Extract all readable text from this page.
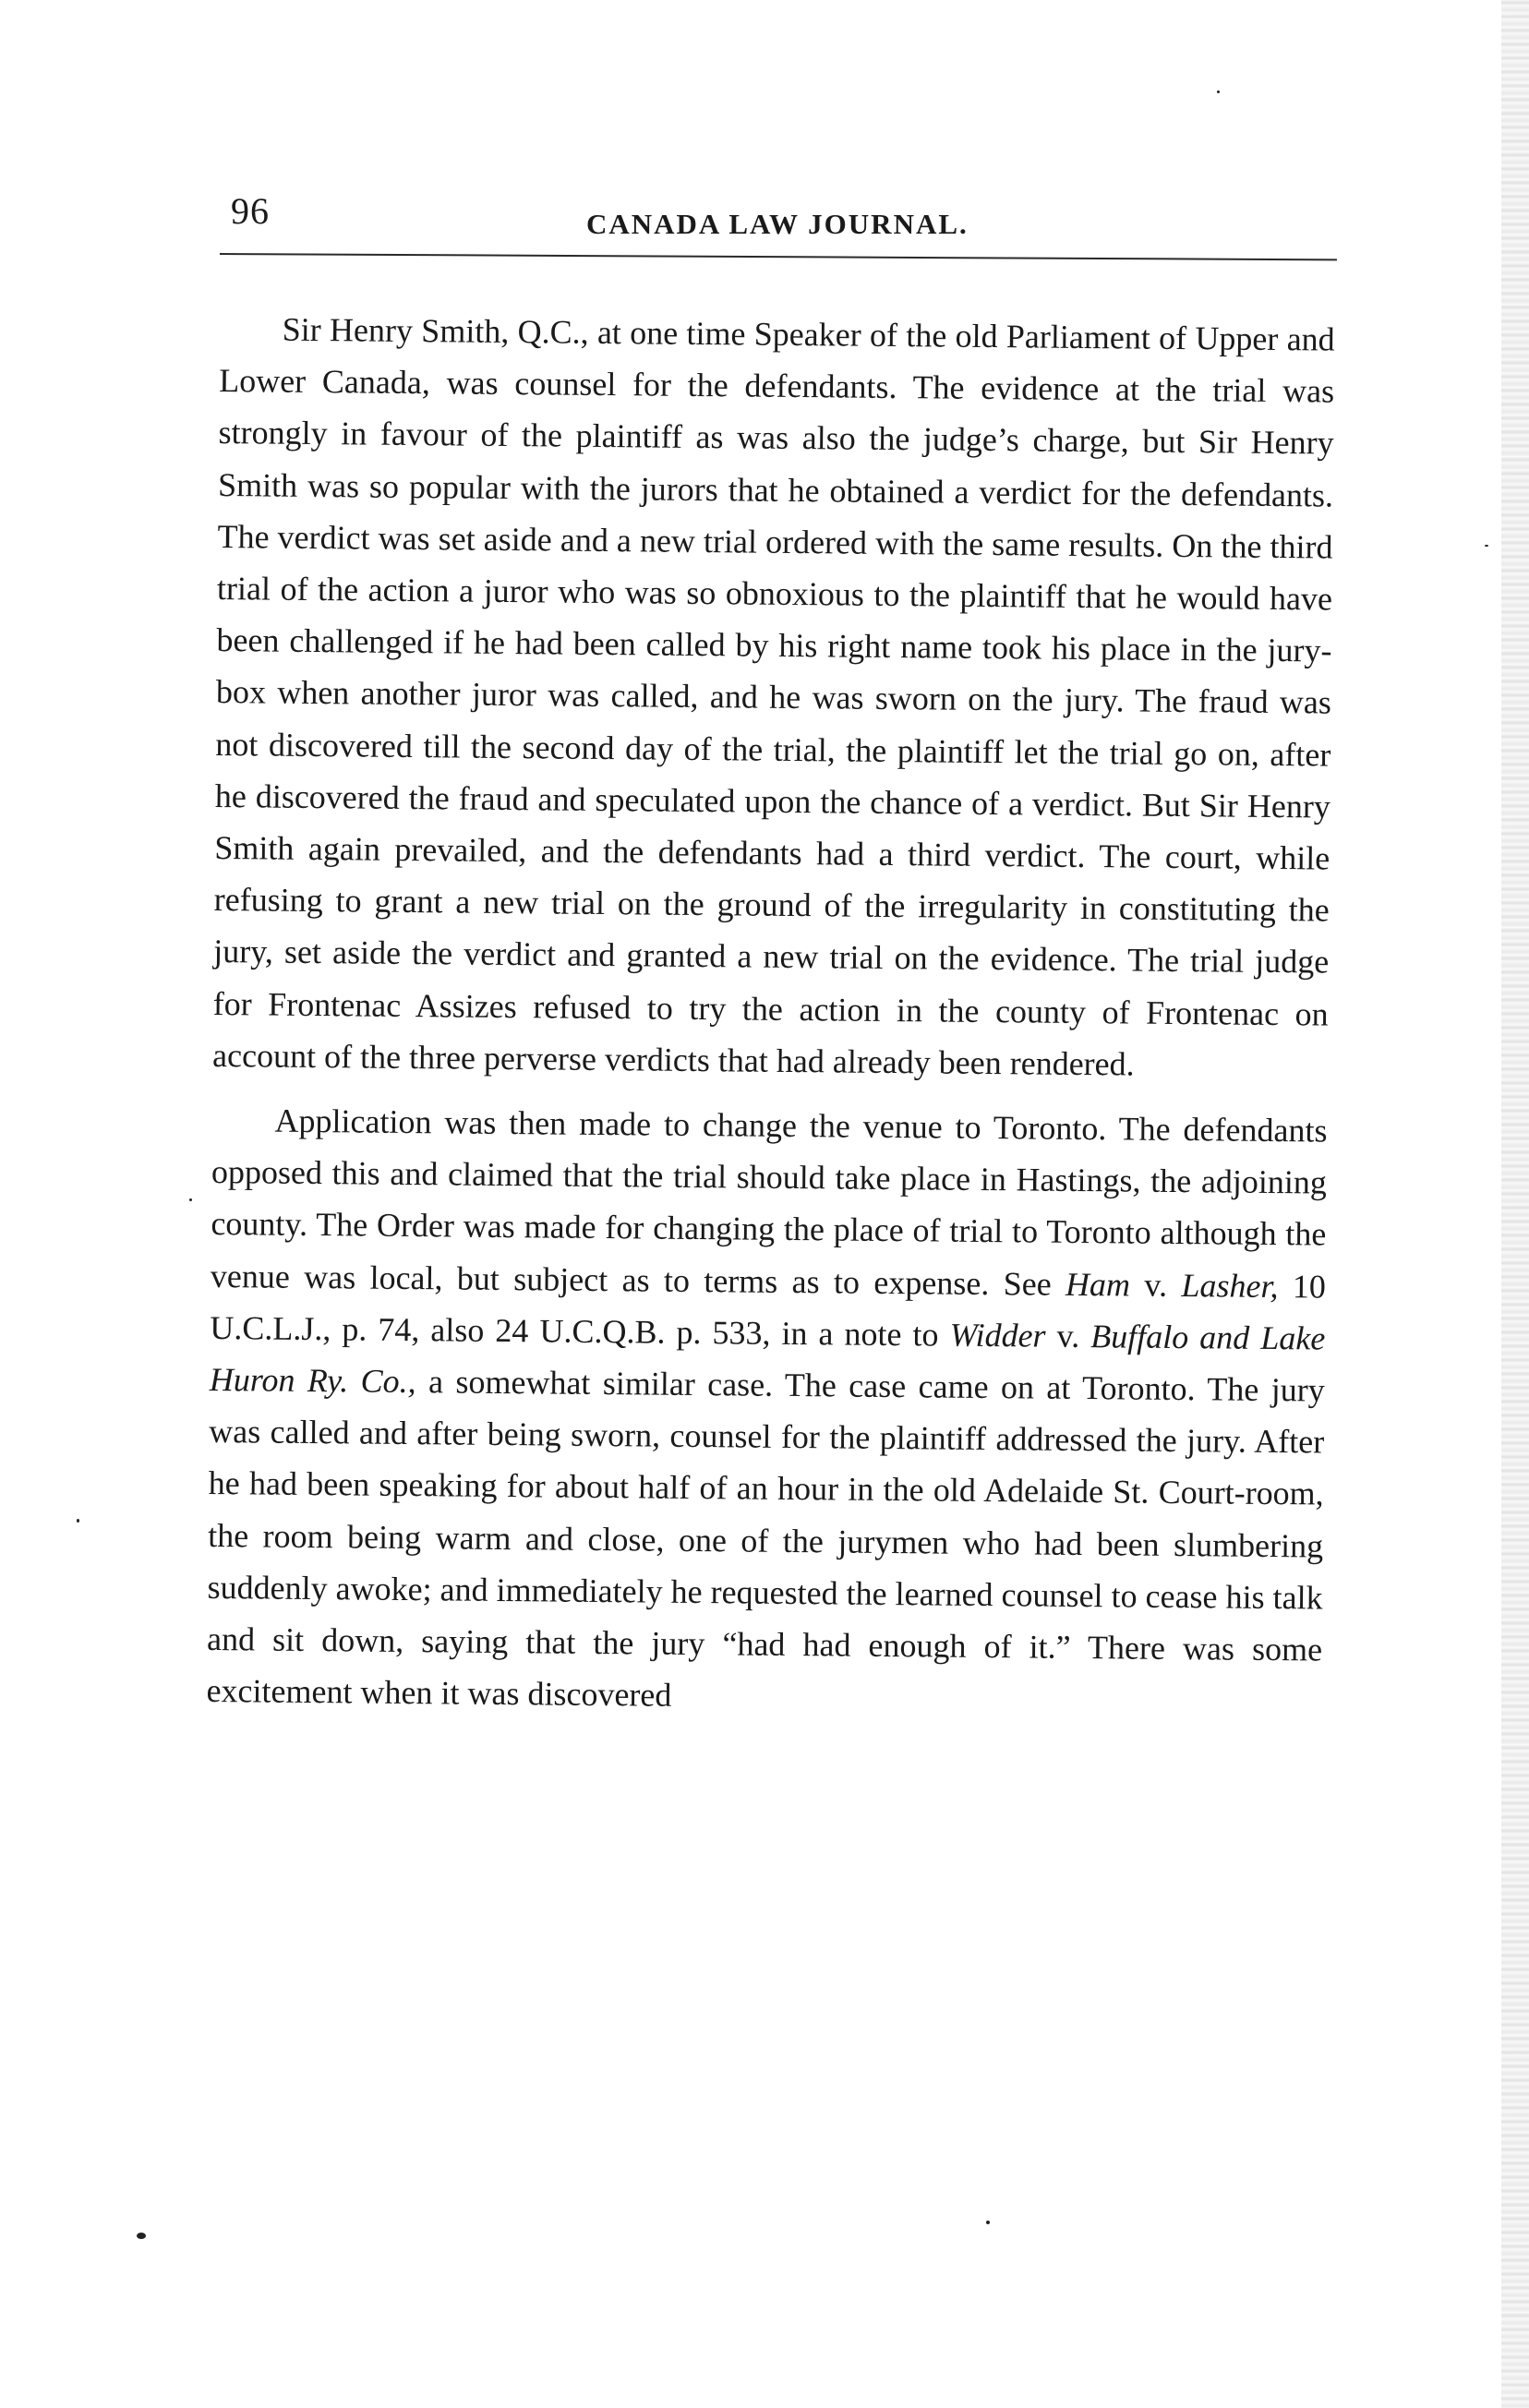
96	CANADA LAW JOURNAL.

Sir Henry Smith, Q.C., at one time Speaker of the old Parliament of Upper and Lower Canada, was counsel for the defendants. The evidence at the trial was strongly in favour of the plaintiff as was also the judge’s charge, but Sir Henry Smith was so popular with the jurors that he obtained a verdict for the defendants. The verdict was set aside and a new trial ordered with the same results. On the third trial of the action a juror who was so obnoxious to the plaintiff that he would have been challenged if he had been called by his right name took his place in the jury-box when another juror was called, and he was sworn on the jury. The fraud was not discovered till the second day of the trial, the plaintiff let the trial go on, after he discovered the fraud and speculated upon the chance of a verdict. But Sir Henry Smith again prevailed, and the defendants had a third verdict. The court, while refusing to grant a new trial on the ground of the irregularity in constituting the jury, set aside the verdict and granted a new trial on the evidence. The trial judge for Frontenac Assizes refused to try the action in the county of Frontenac on account of the three perverse verdicts that had already been rendered.

Application was then made to change the venue to Toronto. The defendants opposed this and claimed that the trial should take place in Hastings, the adjoining county. The Order was made for changing the place of trial to Toronto although the venue was local, but subject as to terms as to expense. See Ham v. Lasher, 10 U.C.L.J., p. 74, also 24 U.C.Q.B. p. 533, in a note to Widder v. Buffalo and Lake Huron Ry. Co., a somewhat similar case. The case came on at Toronto. The jury was called and after being sworn, counsel for the plaintiff addressed the jury. After he had been speaking for about half of an hour in the old Adelaide St. Court-room, the room being warm and close, one of the jurymen who had been slumbering suddenly awoke; and immediately he requested the learned counsel to cease his talk and sit down, saying that the jury “had had enough of it.” There was some excitement when it was discovered
